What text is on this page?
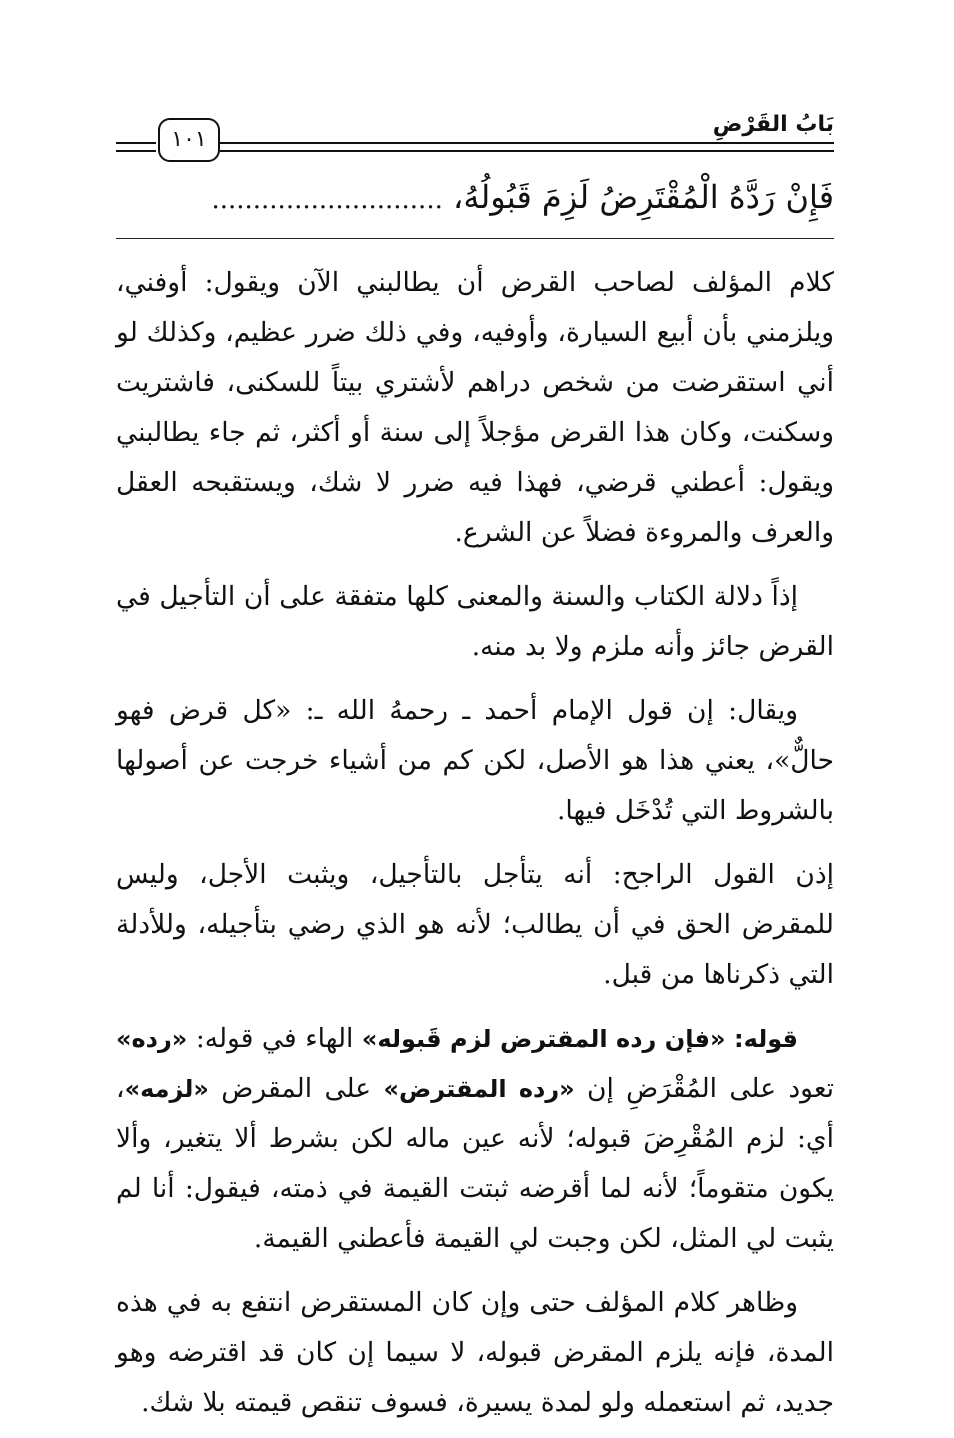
١٠١
بَابُ القَرْضِ
فَإِنْ رَدَّهُ الْمُقْتَرِضُ لَزِمَ قَبُولُهُ، ............................

كلام المؤلف لصاحب القرض أن يطالبني الآن ويقول: أوفني، ويلزمني بأن أبيع السيارة، وأوفيه، وفي ذلك ضرر عظيم، وكذلك لو أني استقرضت من شخص دراهم لأشتري بيتاً للسكنى، فاشتريت وسكنت، وكان هذا القرض مؤجلاً إلى سنة أو أكثر، ثم جاء يطالبني ويقول: أعطني قرضي، فهذا فيه ضرر لا شك، ويستقبحه العقل والعرف والمروءة فضلاً عن الشرع.

إذاً دلالة الكتاب والسنة والمعنى كلها متفقة على أن التأجيل في القرض جائز وأنه ملزم ولا بد منه.

ويقال: إن قول الإمام أحمد ـ رحمهُ الله ـ: «كل قرض فهو حالٌّ»، يعني هذا هو الأصل، لكن كم من أشياء خرجت عن أصولها بالشروط التي تُدْخَل فيها.

إذن القول الراجح: أنه يتأجل بالتأجيل، ويثبت الأجل، وليس للمقرض الحق في أن يطالب؛ لأنه هو الذي رضي بتأجيله، وللأدلة التي ذكرناها من قبل.

قوله: «فإن رده المقترض لزم قَبوله» الهاء في قوله: «رده» تعود على المُقْرَضِ إن «رده المقترض» على المقرض «لزمه»، أي: لزم المُقْرِضَ قبوله؛ لأنه عين ماله لكن بشرط ألا يتغير، وألا يكون متقوماً؛ لأنه لما أقرضه ثبتت القيمة في ذمته، فيقول: أنا لم يثبت لي المثل، لكن وجبت لي القيمة فأعطني القيمة.

وظاهر كلام المؤلف حتى وإن كان المستقرض انتفع به في هذه المدة، فإنه يلزم المقرض قبوله، لا سيما إن كان قد اقترضه وهو جديد، ثم استعمله ولو لمدة يسيرة، فسوف تنقص قيمته بلا شك.
